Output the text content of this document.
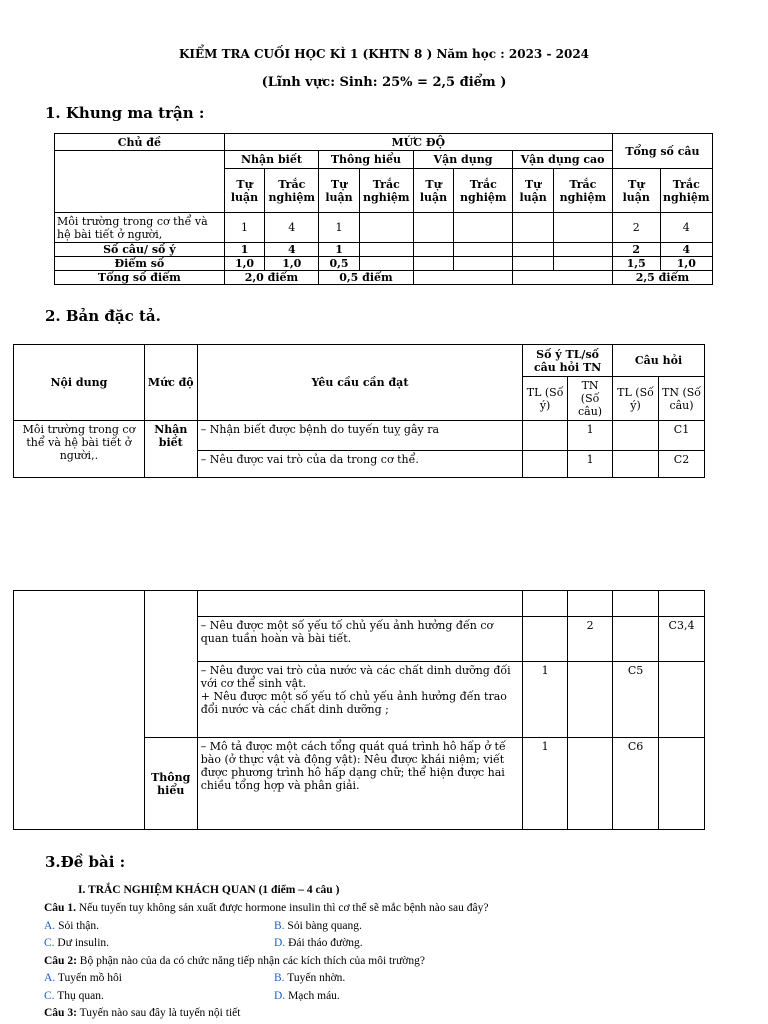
KIỂM TRA CUỐI HỌC KÌ 1 (KHTN 8 ) Năm học : 2023 - 2024
(Lĩnh vực: Sinh: 25% = 2,5 điểm )
1. Khung ma trận :
Chủ đề	MỨC ĐỘ								Tổng số câu	
	Nhận biết		Thông hiểu		Vận dụng		Vận dụng cao			
	Tự luận	Trắc nghiệm	Tự luận	Trắc nghiệm	Tự luận	Trắc nghiệm	Tự luận	Trắc nghiệm	Tự luận	Trắc nghiệm
Môi trường trong cơ thể và hệ bài tiết ở người,	1	4	1						2	4
Số câu/ số ý	1	4	1						2	4
Điểm số	1,0	1,0	0,5						1,5	1,0
Tổng số điểm	2,0 điểm		0,5 điểm						2,5 điểm	
2. Bản đặc tả.
Nội dung	Mức độ	Yêu cầu cần đạt	Số ý TL/số câu hỏi TN		Câu hỏi	
			TL (Số ý)	TN (Số câu)	TL (Số ý)	TN (Số câu)
Môi trường trong cơ thể và hệ bài tiết ở người,.	Nhận biết	– Nhận biết được bệnh do tuyến tuỵ gây ra		1		C1
		– Nêu được vai trò của da trong cơ thể.		1		C2

		– Nêu được một số yếu tố chủ yếu ảnh hưởng đến cơ quan tuần hoàn và bài tiết.		2		C3,4

		– Nêu được vai trò của nước và các chất dinh dưỡng đối với cơ thể sinh vật.
+ Nêu được một số yếu tố chủ yếu ảnh hưởng đến trao đổi nước và các chất dinh dưỡng ;	1		C5	
	Thông hiểu	– Mô tả được một cách tổng quát quá trình hô hấp ở tế bào (ở thực vật và động vật): Nêu được khái niệm; viết được phương trình hô hấp dạng chữ; thể hiện được hai chiều tổng hợp và phân giải.	1		C6	
3.Đề bài :
I. TRẮC NGHIỆM KHÁCH QUAN (1 điểm – 4 câu )
Câu 1. Nếu tuyến tuy không sản xuất được hormone insulin thì cơ thể sẽ mắc bệnh nào sau đây?
A. Sỏi thận.	B. Sỏi bàng quang.
C. Dư insulin.	D. Đái tháo đường.
Câu 2: Bộ phận nào của da có chức năng tiếp nhận các kích thích của môi trường?
A. Tuyến mồ hôi	B. Tuyến nhờn.
C. Thụ quan.	D. Mạch máu.
Câu 3: Tuyến nào sau đây là tuyến nội tiết
